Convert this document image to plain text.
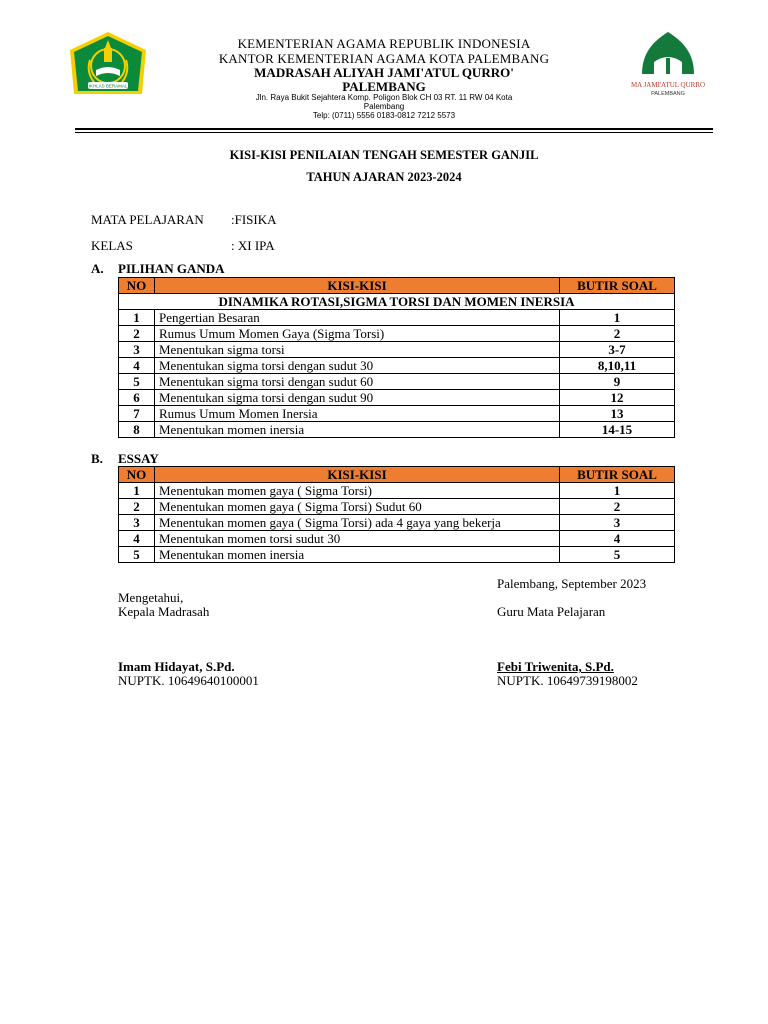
IKHLAS BERAMAL	MA JAMI'ATUL QURRO
PALEMBANG
KEMENTERIAN AGAMA REPUBLIK INDONESIA
KANTOR KEMENTERIAN AGAMA KOTA PALEMBANG
MADRASAH ALIYAH JAMI'ATUL QURRO'
PALEMBANG
Jln. Raya Bukit Sejahtera Komp. Poligon Blok CH 03 RT. 11 RW 04 Kota
Palembang
Telp: (0711) 5556 0183-0812 7212 5573
KISI-KISI PENILAIAN TENGAH SEMESTER GANJIL
TAHUN AJARAN 2023-2024
MATA PELAJARAN :FISIKA
KELAS	: XI IPA
A. PILIHAN GANDA
NO	KISI-KISI	BUTIR SOAL
DINAMIKA ROTASI,SIGMA TORSI DAN MOMEN INERSIA		
1	Pengertian Besaran	1
2	Rumus Umum Momen Gaya (Sigma Torsi)	2
3	Menentukan sigma torsi	3-7
4	Menentukan sigma torsi dengan sudut 30	8,10,11
5	Menentukan sigma torsi dengan sudut 60	9
6	Menentukan sigma torsi dengan sudut 90	12
7	Rumus Umum Momen Inersia	13
8	Menentukan momen inersia	14-15
B. ESSAY
NO	KISI-KISI	BUTIR SOAL
1	Menentukan momen gaya ( Sigma Torsi)	1
2	Menentukan momen gaya ( Sigma Torsi) Sudut 60	2
3	Menentukan momen gaya ( Sigma Torsi) ada 4 gaya yang bekerja	3
4	Menentukan momen torsi sudut 30	4
5	Menentukan momen inersia	5
Palembang, September 2023
Mengetahui,
Kepala Madrasah	Guru Mata Pelajaran
Imam Hidayat, S.Pd.
NUPTK. 10649640100001
Febi Triwenita, S.Pd.
NUPTK. 10649739198002
